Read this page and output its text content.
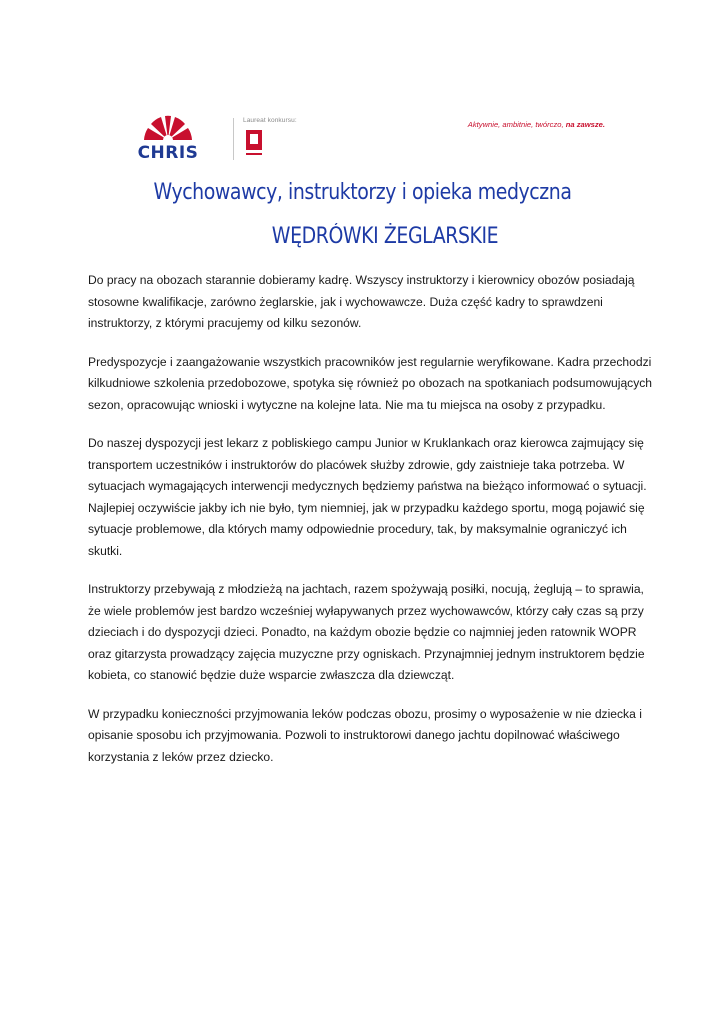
CHRIS
Laureat konkursu:	Aktywnie, ambitnie, twórczo, na zawsze.
Wychowawcy, instruktorzy i opieka medyczna
WĘDRÓWKI ŻEGLARSKIE

Do pracy na obozach starannie dobieramy kadrę. Wszyscy instruktorzy i kierownicy obozów posiadają stosowne kwalifikacje, zarówno żeglarskie, jak i wychowawcze. Duża część kadry to sprawdzeni instruktorzy, z którymi pracujemy od kilku sezonów.

Predyspozycje i zaangażowanie wszystkich pracowników jest regularnie weryfikowane. Kadra przechodzi kilkudniowe szkolenia przedobozowe, spotyka się również po obozach na spotkaniach podsumowujących sezon, opracowując wnioski i wytyczne na kolejne lata. Nie ma tu miejsca na osoby z przypadku.

Do naszej dyspozycji jest lekarz z pobliskiego campu Junior w Kruklankach oraz kierowca zajmujący się transportem uczestników i instruktorów do placówek służby zdrowie, gdy zaistnieje taka potrzeba. W sytuacjach wymagających interwencji medycznych będziemy państwa na bieżąco informować o sytuacji. Najlepiej oczywiście jakby ich nie było, tym niemniej, jak w przypadku każdego sportu, mogą pojawić się sytuacje problemowe, dla których mamy odpowiednie procedury, tak, by maksymalnie ograniczyć ich skutki.

Instruktorzy przebywają z młodzieżą na jachtach, razem spożywają posiłki, nocują, żeglują – to sprawia, że wiele problemów jest bardzo wcześniej wyłapywanych przez wychowawców, którzy cały czas są przy dzieciach i do dyspozycji dzieci. Ponadto, na każdym obozie będzie co najmniej jeden ratownik WOPR oraz gitarzysta prowadzący zajęcia muzyczne przy ogniskach. Przynajmniej jednym instruktorem będzie kobieta, co stanowić będzie duże wsparcie zwłaszcza dla dziewcząt.

W przypadku konieczności przyjmowania leków podczas obozu, prosimy o wyposażenie w nie dziecka i opisanie sposobu ich przyjmowania. Pozwoli to instruktorowi danego jachtu dopilnować właściwego korzystania z leków przez dziecko.
